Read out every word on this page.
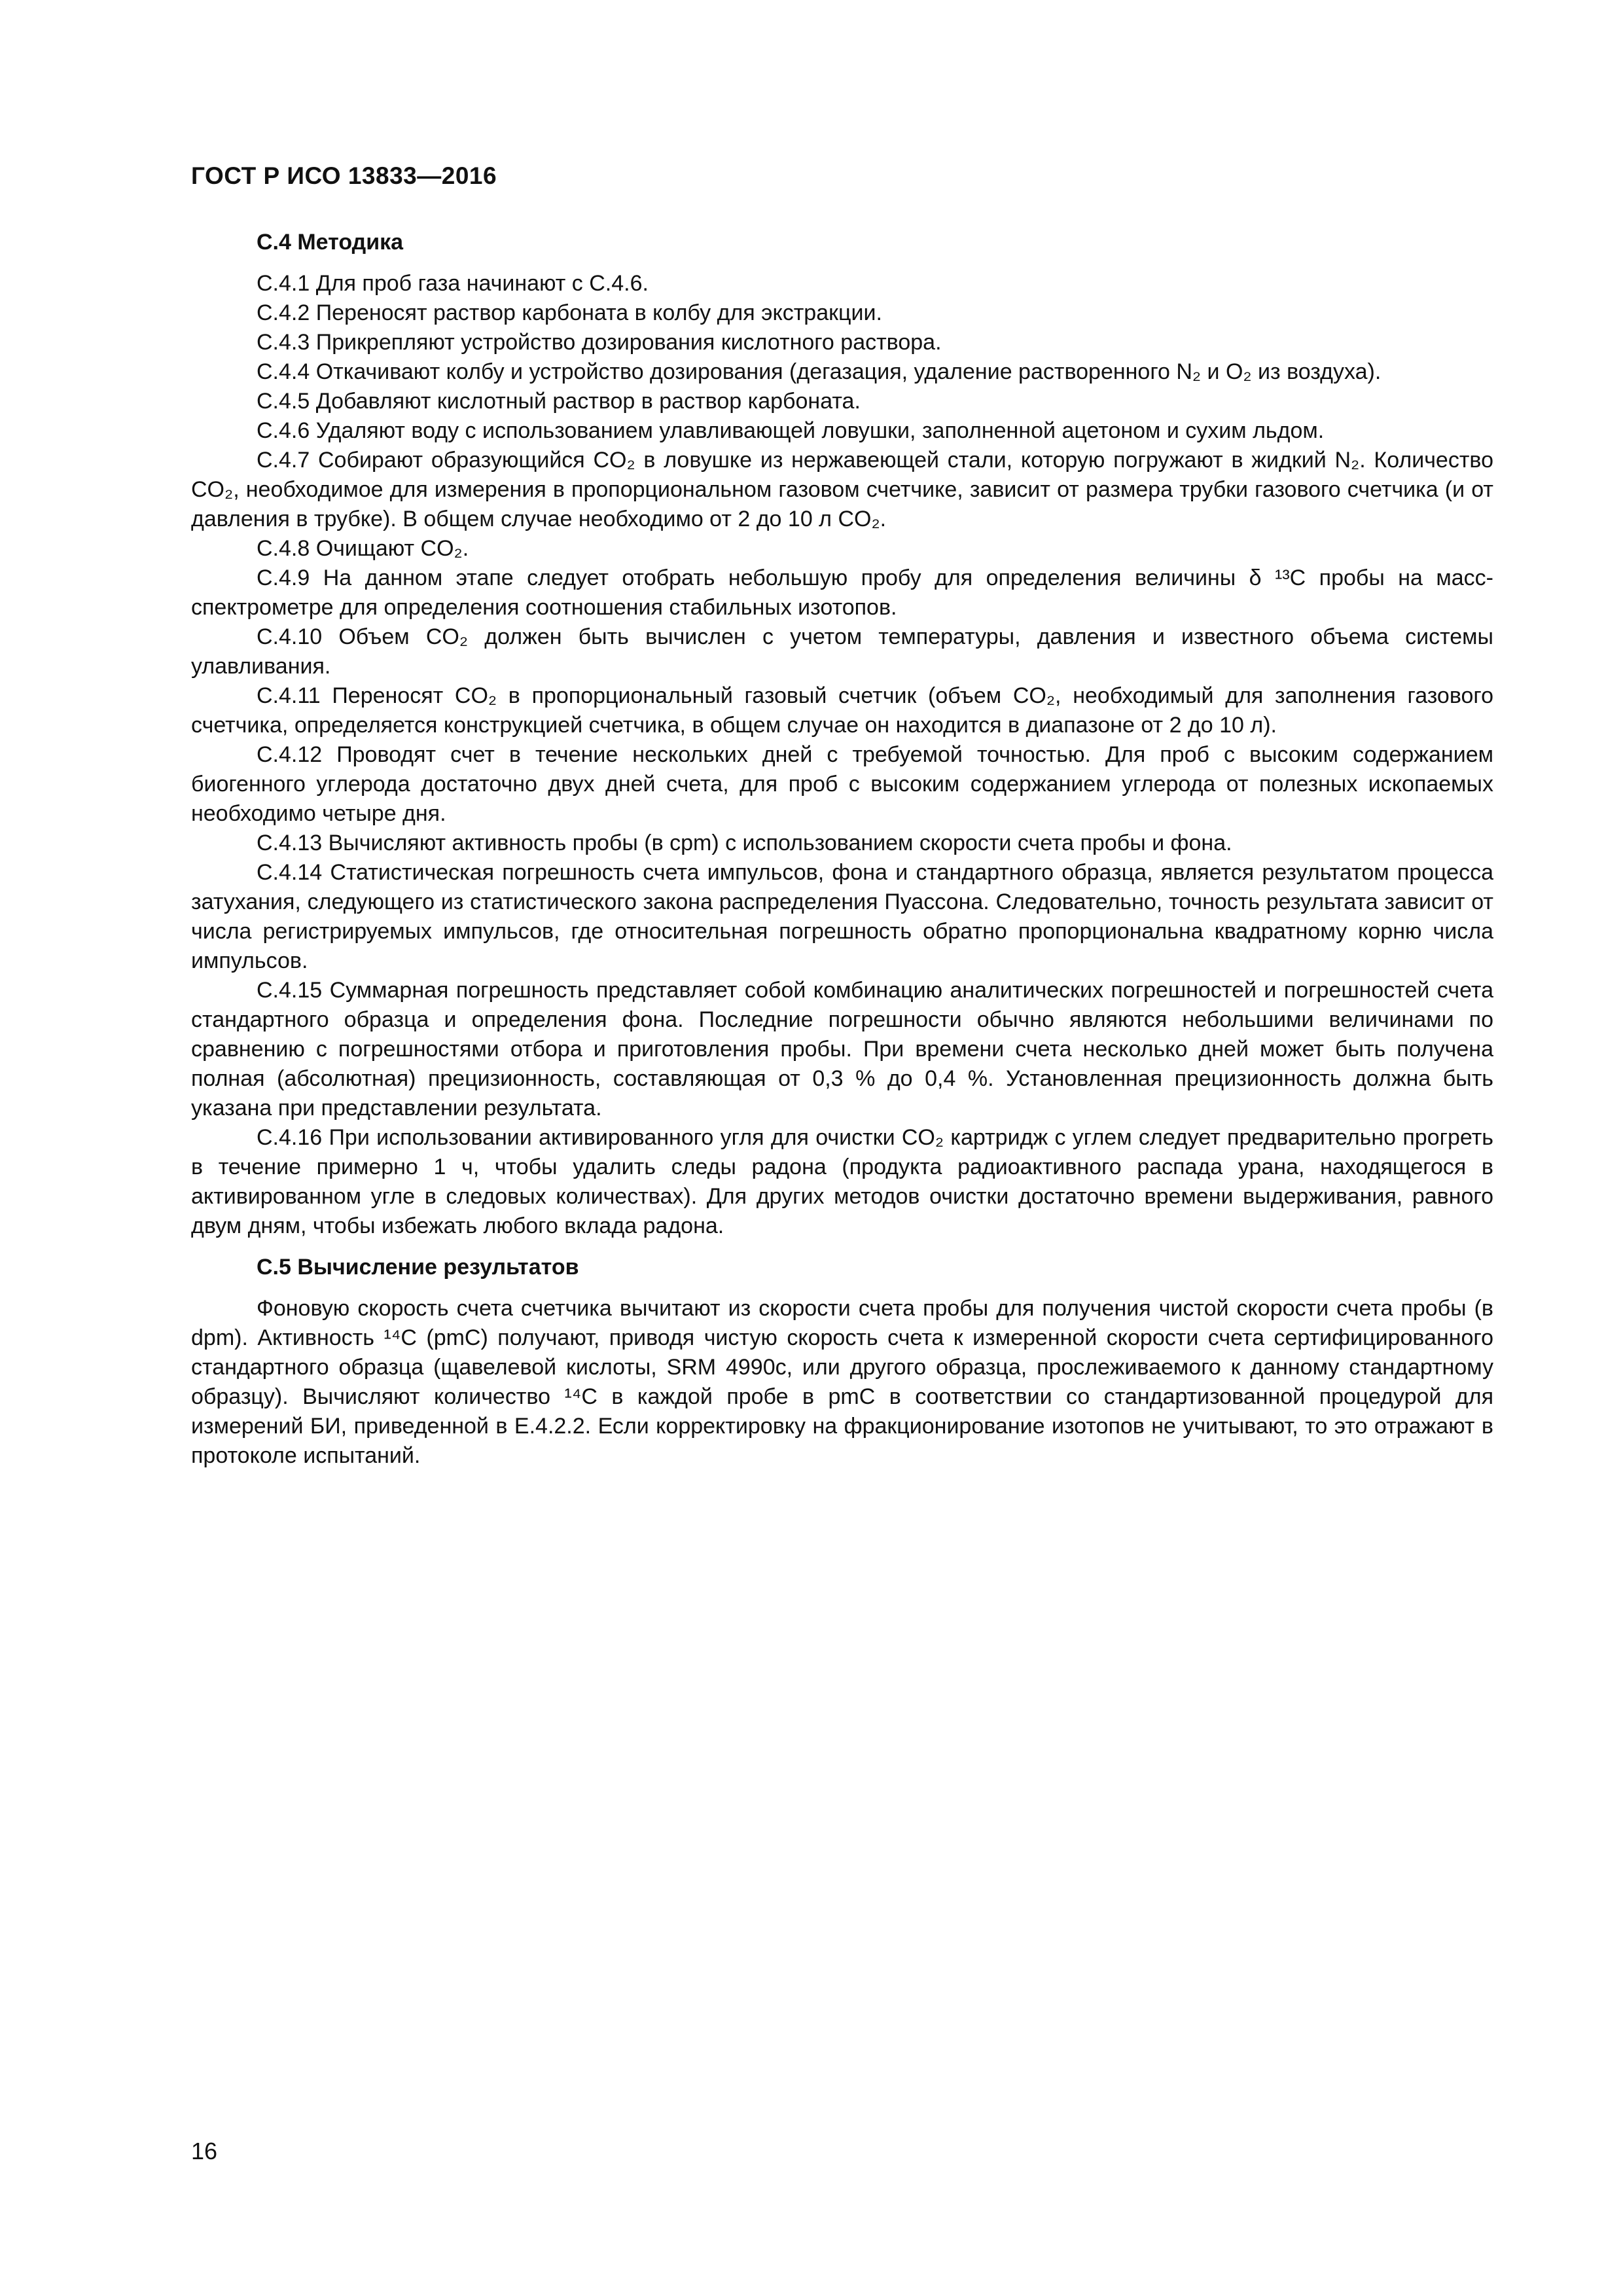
ГОСТ Р ИСО 13833—2016
С.4 Методика

С.4.1 Для проб газа начинают с С.4.6.

С.4.2 Переносят раствор карбоната в колбу для экстракции.

С.4.3 Прикрепляют устройство дозирования кислотного раствора.

С.4.4 Откачивают колбу и устройство дозирования (дегазация, удаление растворенного N₂ и O₂ из воздуха).

С.4.5 Добавляют кислотный раствор в раствор карбоната.

С.4.6 Удаляют воду с использованием улавливающей ловушки, заполненной ацетоном и сухим льдом.

С.4.7 Собирают образующийся CO₂ в ловушке из нержавеющей стали, которую погружают в жидкий N₂. Количество CO₂, необходимое для измерения в пропорциональном газовом счетчике, зависит от размера трубки газового счетчика (и от давления в трубке). В общем случае необходимо от 2 до 10 л CO₂.

С.4.8 Очищают CO₂.

С.4.9 На данном этапе следует отобрать небольшую пробу для определения величины δ ¹³C пробы на масс-спектрометре для определения соотношения стабильных изотопов.

С.4.10 Объем CO₂ должен быть вычислен с учетом температуры, давления и известного объема системы улавливания.

С.4.11 Переносят CO₂ в пропорциональный газовый счетчик (объем CO₂, необходимый для заполнения газового счетчика, определяется конструкцией счетчика, в общем случае он находится в диапазоне от 2 до 10 л).

С.4.12 Проводят счет в течение нескольких дней с требуемой точностью. Для проб с высоким содержанием биогенного углерода достаточно двух дней счета, для проб с высоким содержанием углерода от полезных ископаемых необходимо четыре дня.

С.4.13 Вычисляют активность пробы (в cpm) с использованием скорости счета пробы и фона.

С.4.14 Статистическая погрешность счета импульсов, фона и стандартного образца, является результатом процесса затухания, следующего из статистического закона распределения Пуассона. Следовательно, точность результата зависит от числа регистрируемых импульсов, где относительная погрешность обратно пропорциональна квадратному корню числа импульсов.

С.4.15 Суммарная погрешность представляет собой комбинацию аналитических погрешностей и погрешностей счета стандартного образца и определения фона. Последние погрешности обычно являются небольшими величинами по сравнению с погрешностями отбора и приготовления пробы. При времени счета несколько дней может быть получена полная (абсолютная) прецизионность, составляющая от 0,3 % до 0,4 %. Установленная прецизионность должна быть указана при представлении результата.

С.4.16 При использовании активированного угля для очистки CO₂ картридж с углем следует предварительно прогреть в течение примерно 1 ч, чтобы удалить следы радона (продукта радиоактивного распада урана, находящегося в активированном угле в следовых количествах). Для других методов очистки достаточно времени выдерживания, равного двум дням, чтобы избежать любого вклада радона.

С.5 Вычисление результатов

Фоновую скорость счета счетчика вычитают из скорости счета пробы для получения чистой скорости счета пробы (в dpm). Активность ¹⁴C (pmC) получают, приводя чистую скорость счета к измеренной скорости счета сертифицированного стандартного образца (щавелевой кислоты, SRM 4990c, или другого образца, прослеживаемого к данному стандартному образцу). Вычисляют количество ¹⁴C в каждой пробе в pmC в соответствии со стандартизованной процедурой для измерений БИ, приведенной в Е.4.2.2. Если корректировку на фракционирование изотопов не учитывают, то это отражают в протоколе испытаний.

16
